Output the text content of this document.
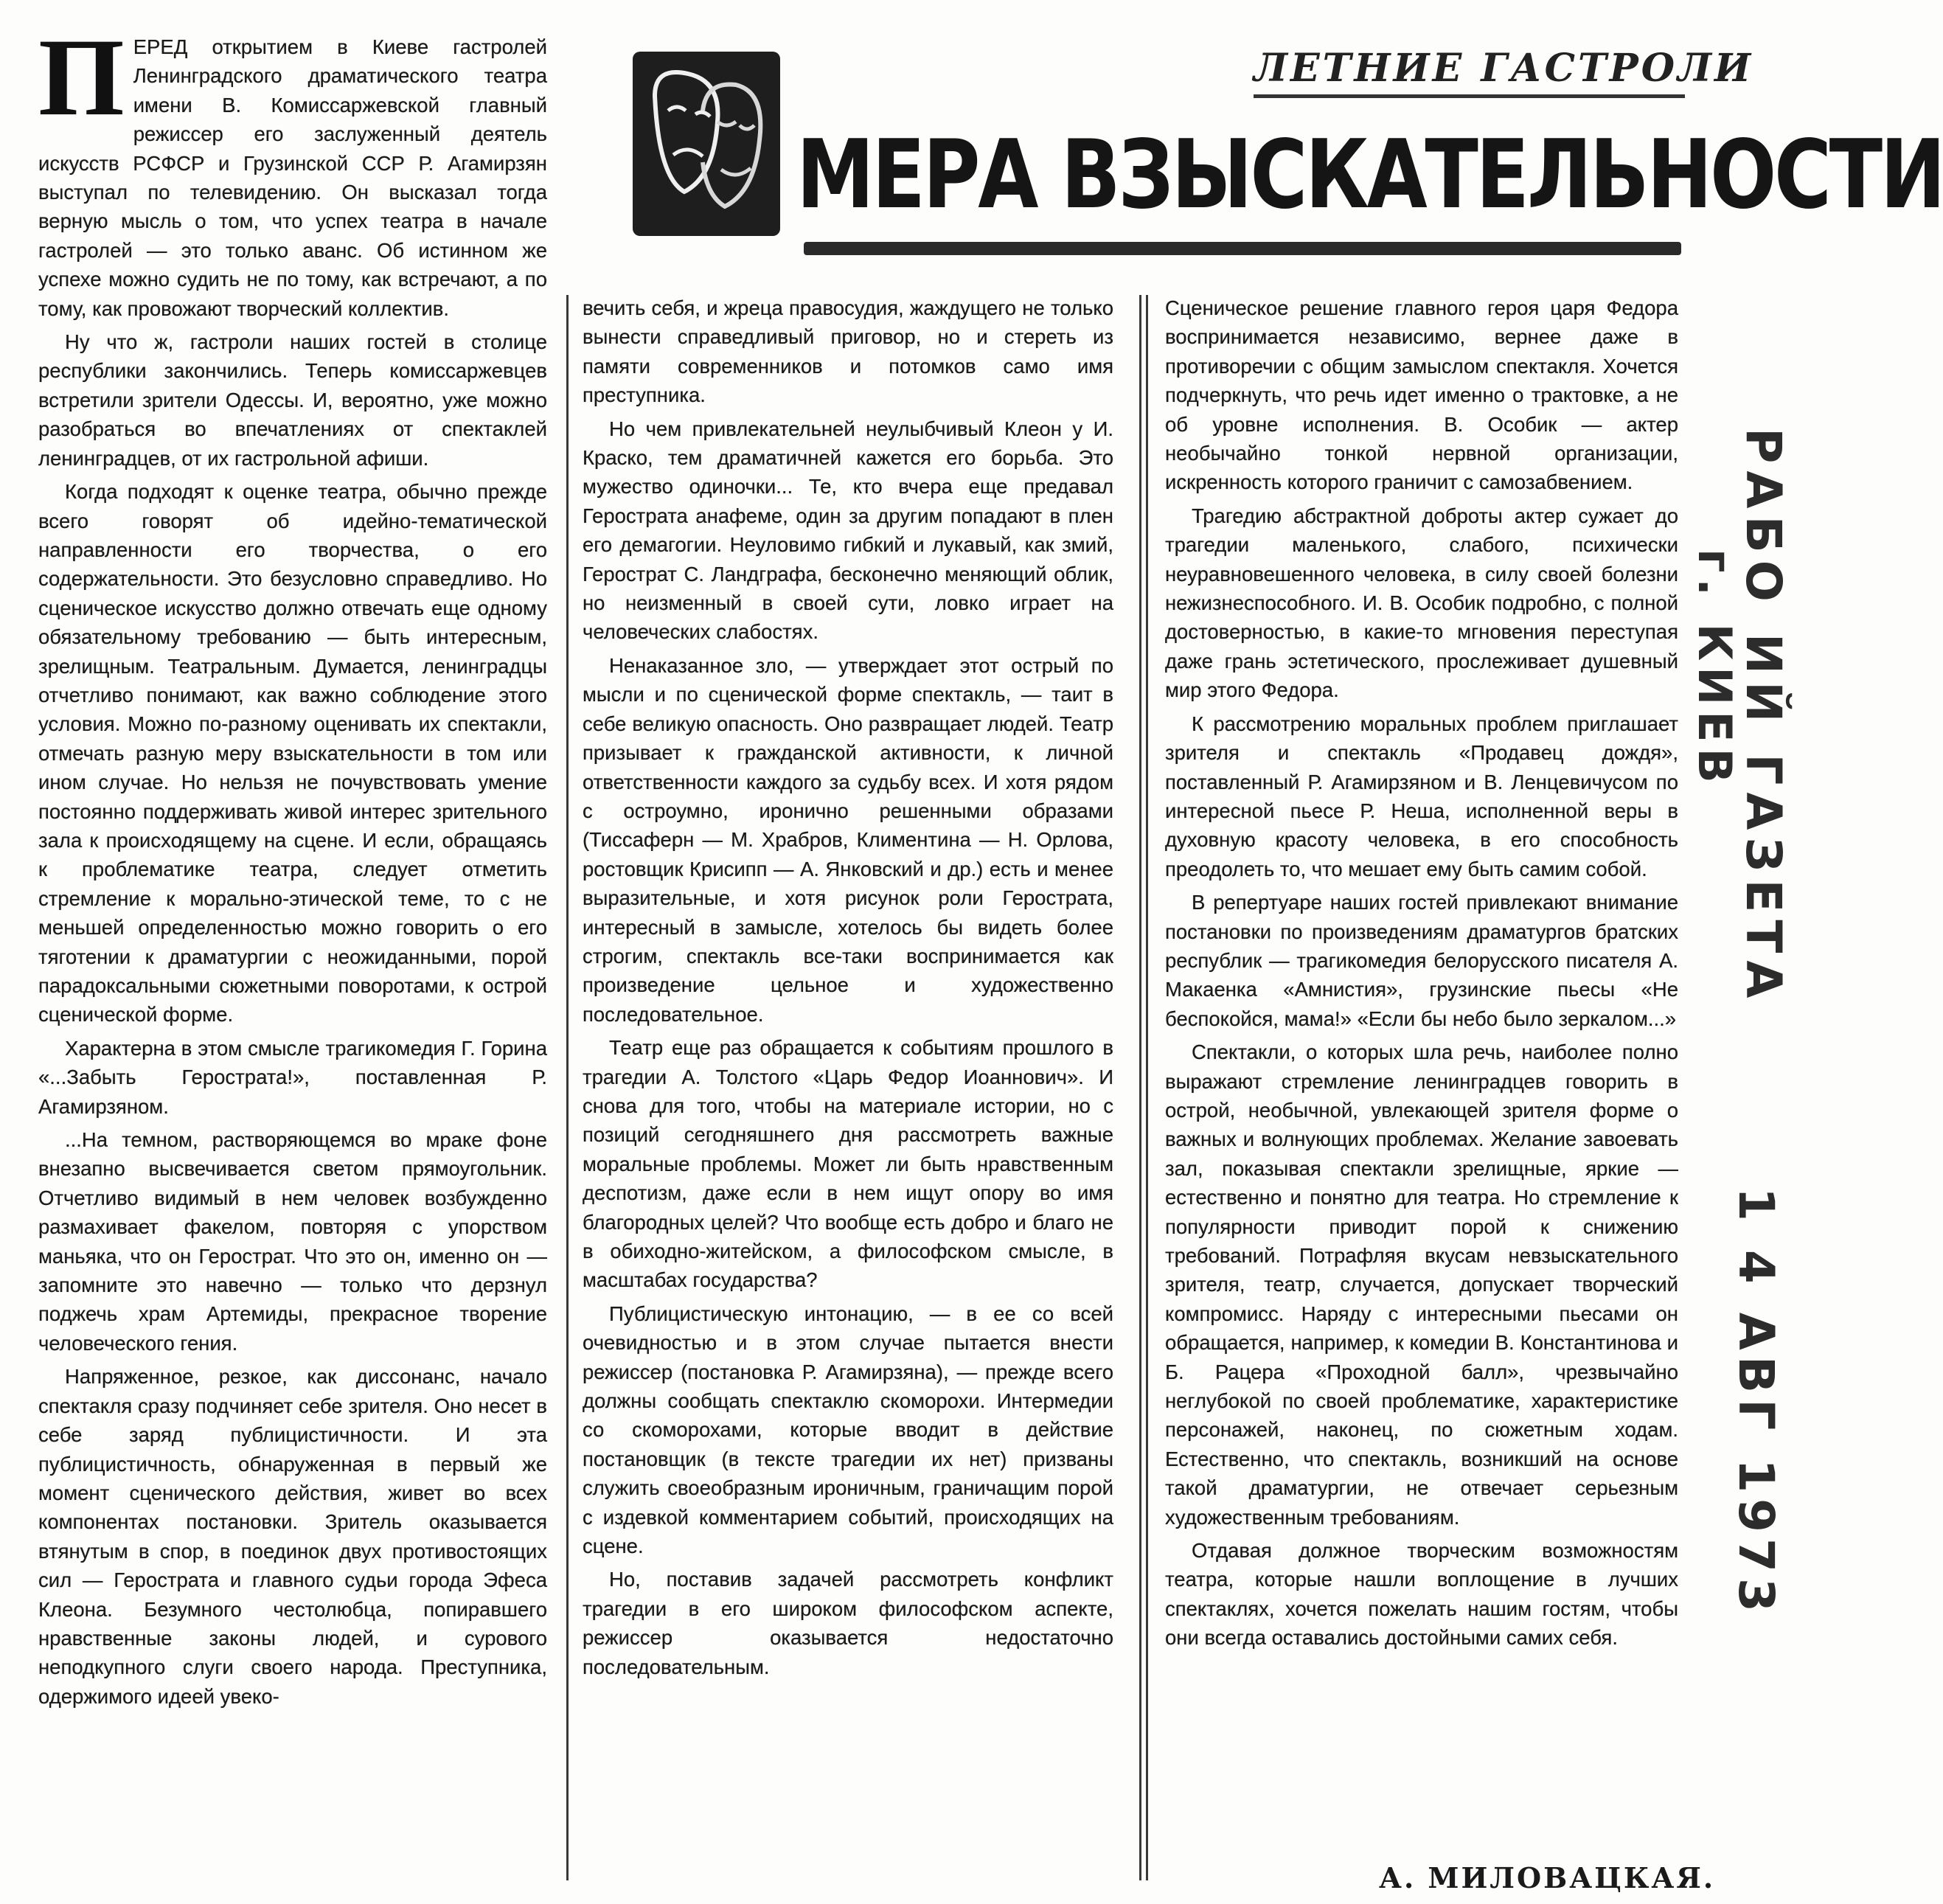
ЛЕТНИЕ ГАСТРОЛИ
МЕРА ВЗЫСКАТЕЛЬНОСТИ

ПЕРЕД открытием в Киеве гастролей Ленинградского драматического театра имени В. Комиссаржевской главный режиссер его заслуженный деятель искусств РСФСР и Грузинской ССР Р. Агамирзян выступал по телевидению. Он высказал тогда верную мысль о том, что успех театра в начале гастролей — это только аванс. Об истинном же успехе можно судить не по тому, как встречают, а по тому, как провожают творческий коллектив.

Ну что ж, гастроли наших гостей в столице республики закончились. Теперь комиссаржевцев встретили зрители Одессы. И, вероятно, уже можно разобраться во впечатлениях от спектаклей ленинградцев, от их гастрольной афиши.

Когда подходят к оценке театра, обычно прежде всего говорят об идейно-тематической направленности его творчества, о его содержательности. Это безусловно справедливо. Но сценическое искусство должно отвечать еще одному обязательному требованию — быть интересным, зрелищным. Театральным. Думается, ленинградцы отчетливо понимают, как важно соблюдение этого условия. Можно по-разному оценивать их спектакли, отмечать разную меру взыскательности в том или ином случае. Но нельзя не почувствовать умение постоянно поддерживать живой интерес зрительного зала к происходящему на сцене. И если, обращаясь к проблематике театра, следует отметить стремление к морально-этической теме, то с не меньшей определенностью можно говорить о его тяготении к драматургии с неожиданными, порой парадоксальными сюжетными поворотами, к острой сценической форме.

Характерна в этом смысле трагикомедия Г. Горина «...Забыть Герострата!», поставленная Р. Агамирзяном.

...На темном, растворяющемся во мраке фоне внезапно высвечивается светом прямоугольник. Отчетливо видимый в нем человек возбужденно размахивает факелом, повторяя с упорством маньяка, что он Герострат. Что это он, именно он — запомните это навечно — только что дерзнул поджечь храм Артемиды, прекрасное творение человеческого гения.

Напряженное, резкое, как диссонанс, начало спектакля сразу подчиняет себе зрителя. Оно несет в себе заряд публицистичности. И эта публицистичность, обнаруженная в первый же момент сценического действия, живет во всех компонентах постановки. Зритель оказывается втянутым в спор, в поединок двух противостоящих сил — Герострата и главного судьи города Эфеса Клеона. Безумного честолюбца, попиравшего нравственные законы людей, и сурового неподкупного слуги своего народа. Преступника, одержимого идеей увеко-

вечить себя, и жреца правосудия, жаждущего не только вынести справедливый приговор, но и стереть из памяти современников и потомков само имя преступника.

Но чем привлекательней неулыбчивый Клеон у И. Краско, тем драматичней кажется его борьба. Это мужество одиночки... Те, кто вчера еще предавал Герострата анафеме, один за другим попадают в плен его демагогии. Неуловимо гибкий и лукавый, как змий, Герострат С. Ландграфа, бесконечно меняющий облик, но неизменный в своей сути, ловко играет на человеческих слабостях.

Ненаказанное зло, — утверждает этот острый по мысли и по сценической форме спектакль, — таит в себе великую опасность. Оно развращает людей. Театр призывает к гражданской активности, к личной ответственности каждого за судьбу всех. И хотя рядом с остроумно, иронично решенными образами (Тиссаферн — М. Храбров, Климентина — Н. Орлова, ростовщик Крисипп — А. Янковский и др.) есть и менее выразительные, и хотя рисунок роли Герострата, интересный в замысле, хотелось бы видеть более строгим, спектакль все-таки воспринимается как произведение цельное и художественно последовательное.

Театр еще раз обращается к событиям прошлого в трагедии А. Толстого «Царь Федор Иоаннович». И снова для того, чтобы на материале истории, но с позиций сегодняшнего дня рассмотреть важные моральные проблемы. Может ли быть нравственным деспотизм, даже если в нем ищут опору во имя благородных целей? Что вообще есть добро и благо не в обиходно-житейском, а философском смысле, в масштабах государства?

Публицистическую интонацию, — в ее со всей очевидностью и в этом случае пытается внести режиссер (постановка Р. Агамирзяна), — прежде всего должны сообщать спектаклю скоморохи. Интермедии со скоморохами, которые вводит в действие постановщик (в тексте трагедии их нет) призваны служить своеобразным ироничным, граничащим порой с издевкой комментарием событий, происходящих на сцене.

Но, поставив задачей рассмотреть конфликт трагедии в его широком философском аспекте, режиссер оказывается недостаточно последовательным.

Сценическое решение главного героя царя Федора воспринимается независимо, вернее даже в противоречии с общим замыслом спектакля. Хочется подчеркнуть, что речь идет именно о трактовке, а не об уровне исполнения. В. Особик — актер необычайно тонкой нервной организации, искренность которого граничит с самозабвением.

Трагедию абстрактной доброты актер сужает до трагедии маленького, слабого, психически неуравновешенного человека, в силу своей болезни нежизнеспособного. И. В. Особик подробно, с полной достоверностью, в какие-то мгновения переступая даже грань эстетического, прослеживает душевный мир этого Федора.

К рассмотрению моральных проблем приглашает зрителя и спектакль «Продавец дождя», поставленный Р. Агамирзяном и В. Ленцевичусом по интересной пьесе Р. Неша, исполненной веры в духовную красоту человека, в его способность преодолеть то, что мешает ему быть самим собой.

В репертуаре наших гостей привлекают внимание постановки по произведениям драматургов братских республик — трагикомедия белорусского писателя А. Макаенка «Амнистия», грузинские пьесы «Не беспокойся, мама!» «Если бы небо было зеркалом...»

Спектакли, о которых шла речь, наиболее полно выражают стремление ленинградцев говорить в острой, необычной, увлекающей зрителя форме о важных и волнующих проблемах. Желание завоевать зал, показывая спектакли зрелищные, яркие — естественно и понятно для театра. Но стремление к популярности приводит порой к снижению требований. Потрафляя вкусам невзыскательного зрителя, театр, случается, допускает творческий компромисс. Наряду с интересными пьесами он обращается, например, к комедии В. Константинова и Б. Рацера «Проходной балл», чрезвычайно неглубокой по своей проблематике, характеристике персонажей, наконец, по сюжетным ходам. Естественно, что спектакль, возникший на основе такой драматургии, не отвечает серьезным художественным требованиям.

Отдавая должное творческим возможностям театра, которые нашли воплощение в лучших спектаклях, хочется пожелать нашим гостям, чтобы они всегда оставались достойными самих себя.

А. МИЛОВАЦКАЯ.
РАБО ИЙ ГАЗЕТА
г. КИЕВ
1 4 АВГ 1973
